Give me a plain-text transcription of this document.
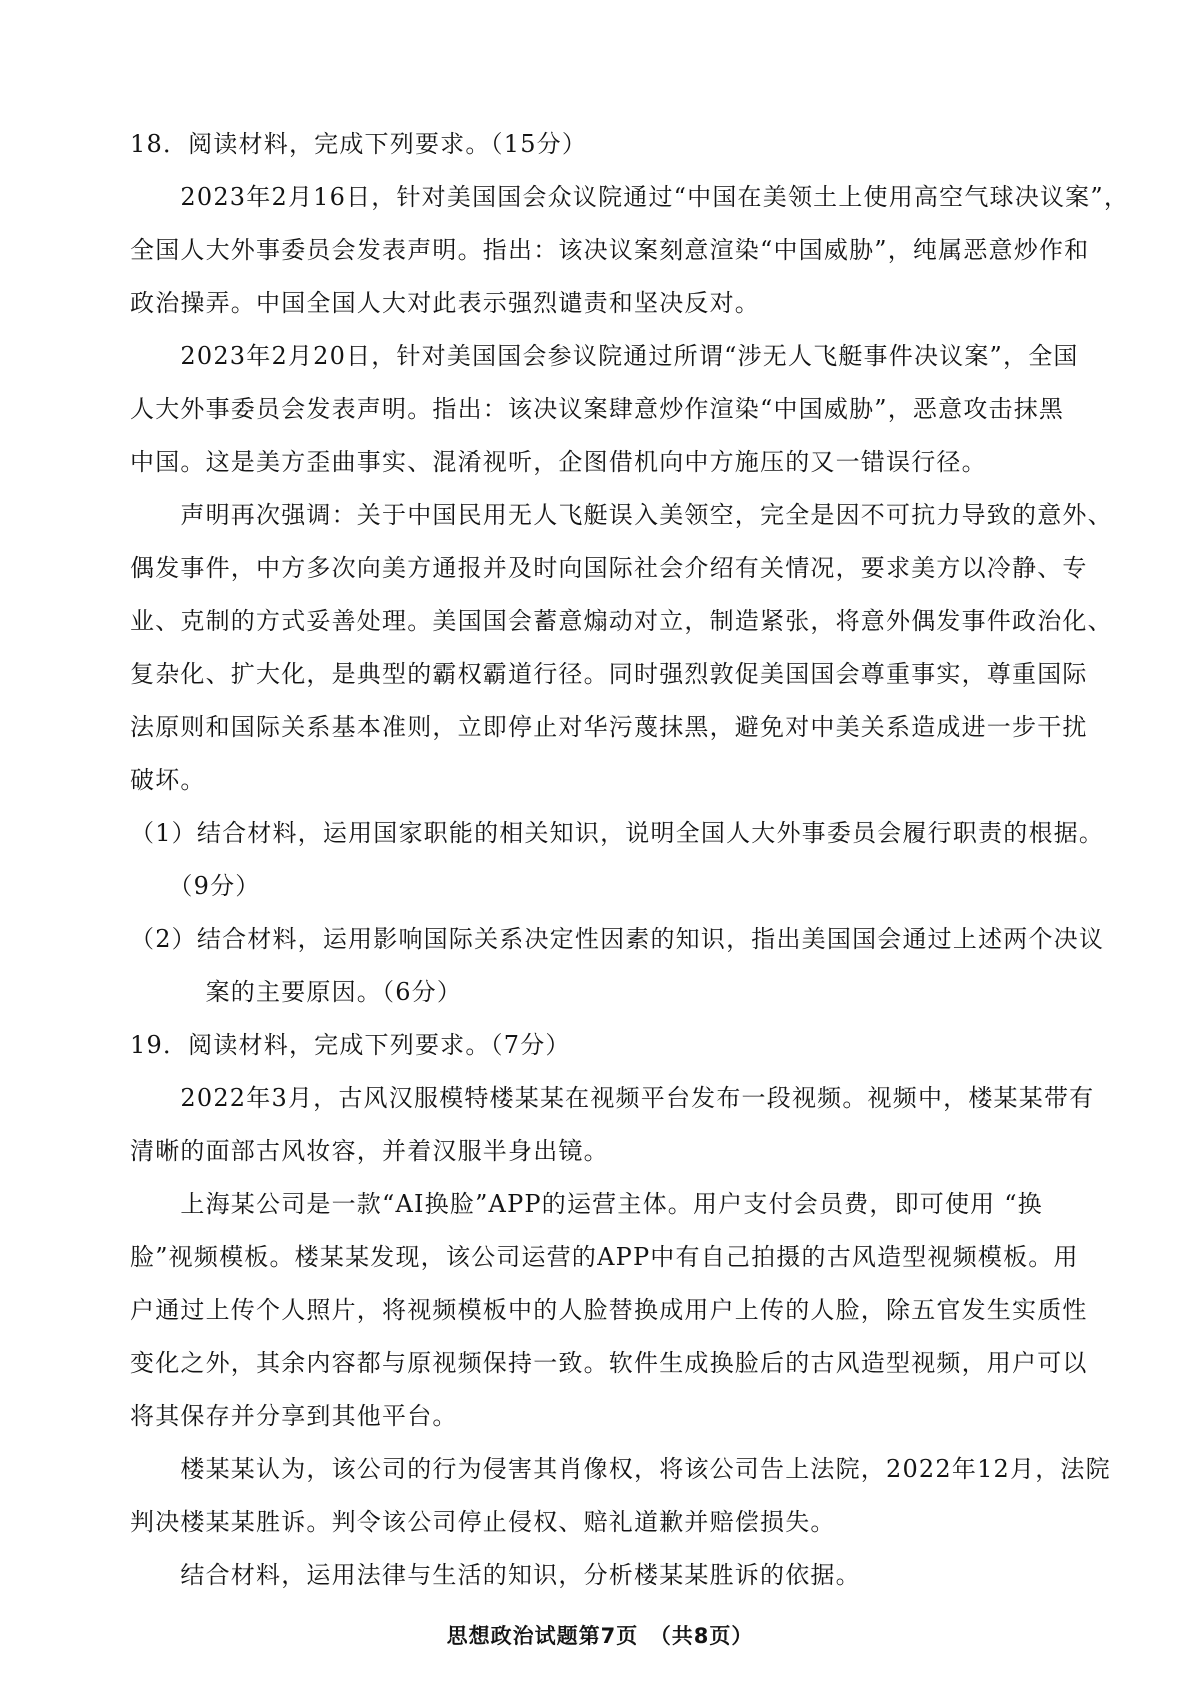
18．阅读材料，完成下列要求。（15分）
　　2023年2月16日，针对美国国会众议院通过“中国在美领土上使用高空气球决议案”，
全国人大外事委员会发表声明。指出：该决议案刻意渲染“中国威胁”，纯属恶意炒作和
政治操弄。中国全国人大对此表示强烈谴责和坚决反对。
　　2023年2月20日，针对美国国会参议院通过所谓“涉无人飞艇事件决议案”，全国
人大外事委员会发表声明。指出：该决议案肆意炒作渲染“中国威胁”，恶意攻击抹黑
中国。这是美方歪曲事实、混淆视听，企图借机向中方施压的又一错误行径。
　　声明再次强调：关于中国民用无人飞艇误入美领空，完全是因不可抗力导致的意外、
偶发事件，中方多次向美方通报并及时向国际社会介绍有关情况，要求美方以冷静、专
业、克制的方式妥善处理。美国国会蓄意煽动对立，制造紧张，将意外偶发事件政治化、
复杂化、扩大化，是典型的霸权霸道行径。同时强烈敦促美国国会尊重事实，尊重国际
法原则和国际关系基本准则，立即停止对华污蔑抹黑，避免对中美关系造成进一步干扰
破坏。
（1）结合材料，运用国家职能的相关知识，说明全国人大外事委员会履行职责的根据。
　　（9分）
（2）结合材料，运用影响国际关系决定性因素的知识，指出美国国会通过上述两个决议
　　　案的主要原因。（6分）
19．阅读材料，完成下列要求。（7分）
　　2022年3月，古风汉服模特楼某某在视频平台发布一段视频。视频中，楼某某带有
清晰的面部古风妆容，并着汉服半身出镜。
　　上海某公司是一款“AI换脸”APP的运营主体。用户支付会员费，即可使用 “换
脸”视频模板。楼某某发现，该公司运营的APP中有自己拍摄的古风造型视频模板。用
户通过上传个人照片，将视频模板中的人脸替换成用户上传的人脸，除五官发生实质性
变化之外，其余内容都与原视频保持一致。软件生成换脸后的古风造型视频，用户可以
将其保存并分享到其他平台。
　　楼某某认为，该公司的行为侵害其肖像权，将该公司告上法院，2022年12月，法院
判决楼某某胜诉。判令该公司停止侵权、赔礼道歉并赔偿损失。
　　结合材料，运用法律与生活的知识，分析楼某某胜诉的依据。
思想政治试题第7页　（共8页）
